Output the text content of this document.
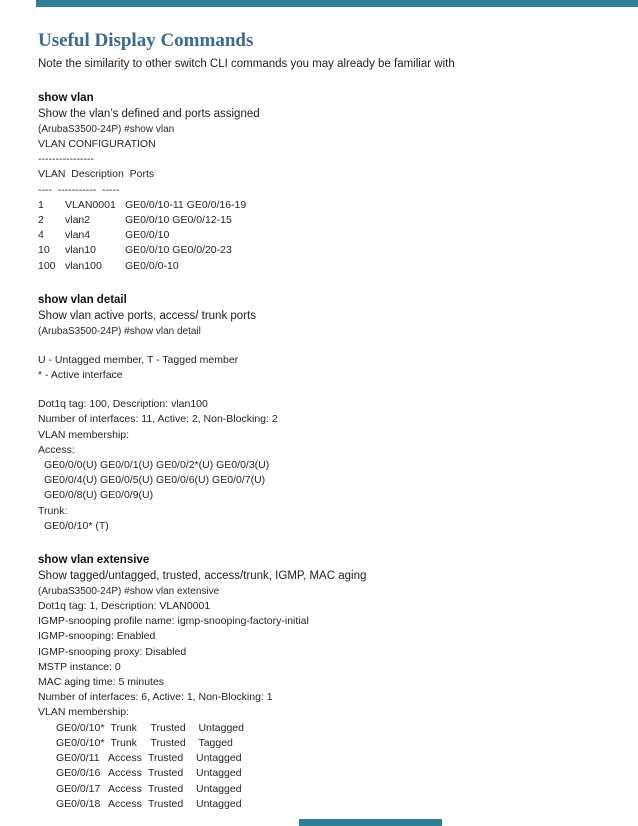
Useful Display Commands

Note the similarity to other switch CLI commands you may already be familiar with

show vlan

Show the vlan’s defined and ports assigned

(ArubaS3500-24P) #show vlan

VLAN CONFIGURATION

----------------

VLAN  Description  Ports

----  -----------  -----

1	VLAN0001 GE0/0/10-11 GE0/0/16-19
2	vlan2	GE0/0/10 GE0/0/12-15
4	vlan4	GE0/0/10
10	vlan10	GE0/0/10 GE0/0/20-23
100 vlan100	GE0/0/0-10
show vlan detail

Show vlan active ports, access/ trunk ports

(ArubaS3500-24P) #show vlan detail

U - Untagged member, T - Tagged member

* - Active interface

Dot1q tag: 100, Description: vlan100

Number of interfaces: 11, Active: 2, Non-Blocking: 2

VLAN membership:

Access:

GE0/0/0(U) GE0/0/1(U) GE0/0/2*(U) GE0/0/3(U)

GE0/0/4(U) GE0/0/5(U) GE0/0/6(U) GE0/0/7(U)

GE0/0/8(U) GE0/0/9(U)

Trunk:

GE0/0/10* (T)

show vlan extensive

Show tagged/untagged, trusted, access/trunk, IGMP, MAC aging

(ArubaS3500-24P) #show vlan extensive

Dot1q tag: 1, Description: VLAN0001

IGMP-snooping profile name: igmp-snooping-factory-initial

IGMP-snooping: Enabled

IGMP-snooping proxy: Disabled

MSTP instance: 0

MAC aging time: 5 minutes

Number of interfaces: 6, Active: 1, Non-Blocking: 1

VLAN membership:

GE0/0/10* Trunk	Trusted	Untagged
GE0/0/10* Trunk	Trusted	Tagged
GE0/0/11 Access Trusted	Untagged
GE0/0/16 Access Trusted	Untagged
GE0/0/17 Access Trusted	Untagged
GE0/0/18 Access Trusted	Untagged
